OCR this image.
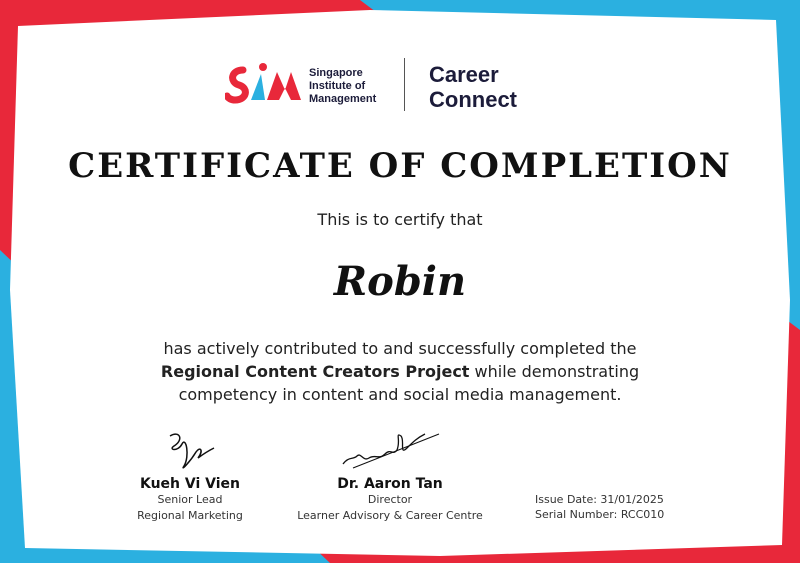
Singapore
Institute of
Management
Career
Connect
CERTIFICATE OF COMPLETION
This is to certify that
Robin
has actively contributed to and successfully completed the
Regional Content Creators Project while demonstrating
competency in content and social media management.
Kueh Vi Vien
Senior Lead
Regional Marketing
Dr. Aaron Tan
Director
Learner Advisory & Career Centre
Issue Date: 31/01/2025
Serial Number: RCC010
